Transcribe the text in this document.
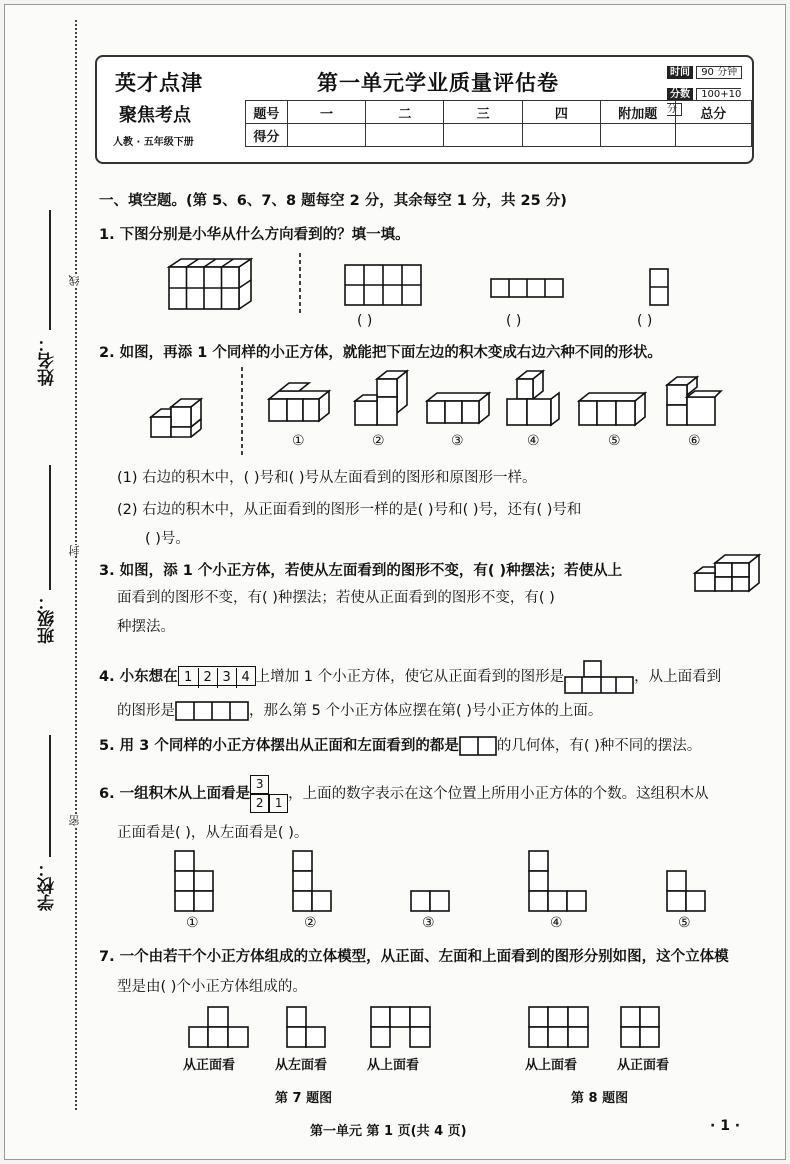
姓名：
班级：
学校：
线
封
密
英才点津
聚焦考点
人教 · 五年级下册
第一单元学业质量评估卷	时间 90 分钟
分数 100+10 分
题号	一	二	三	四	附加题	总分
得分						
一、填空题。(第 5、6、7、8 题每空 2 分，其余每空 1 分，共 25 分)
1. 下图分别是小华从什么方向看到的？填一填。
( )	( )	( )
2. 如图，再添 1 个同样的小正方体，就能把下面左边的积木变成右边六种不同的形状。
①	②	③	④	⑤	⑥
(1) 右边的积木中，( )号和( )号从左面看到的图形和原图形一样。
(2) 右边的积木中，从正面看到的图形一样的是( )号和( )号，还有( )号和
( )号。
3. 如图，添 1 个小正方体，若使从左面看到的图形不变，有( )种摆法；若使从上
面看到的图形不变，有( )种摆法；若使从正面看到的图形不变，有( )
种摆法。
4. 小东想在 1 2 3 4 上增加 1 个小正方体，使它从正面看到的图形是	，从上面看到
的图形是	，那么第 5 个小正方体应摆在第( )号小正方体的上面。
5. 用 3 个同样的小正方体摆出从正面和左面看到的都是	的几何体，有( )种不同的摆法。
6. 一组积木从上面看是
3
2 1
，上面的数字表示在这个位置上所用小正方体的个数。这组积木从
正面看是( )，从左面看是( )。
①	②	③	④	⑤
7. 一个由若干个小正方体组成的立体模型，从正面、左面和上面看到的图形分别如图，这个立体模
型是由( )个小正方体组成的。
从正面看	从左面看	从上面看	从上面看	从正面看
第 7 题图	第 8 题图
第一单元 第 1 页(共 4 页)	· 1 ·
